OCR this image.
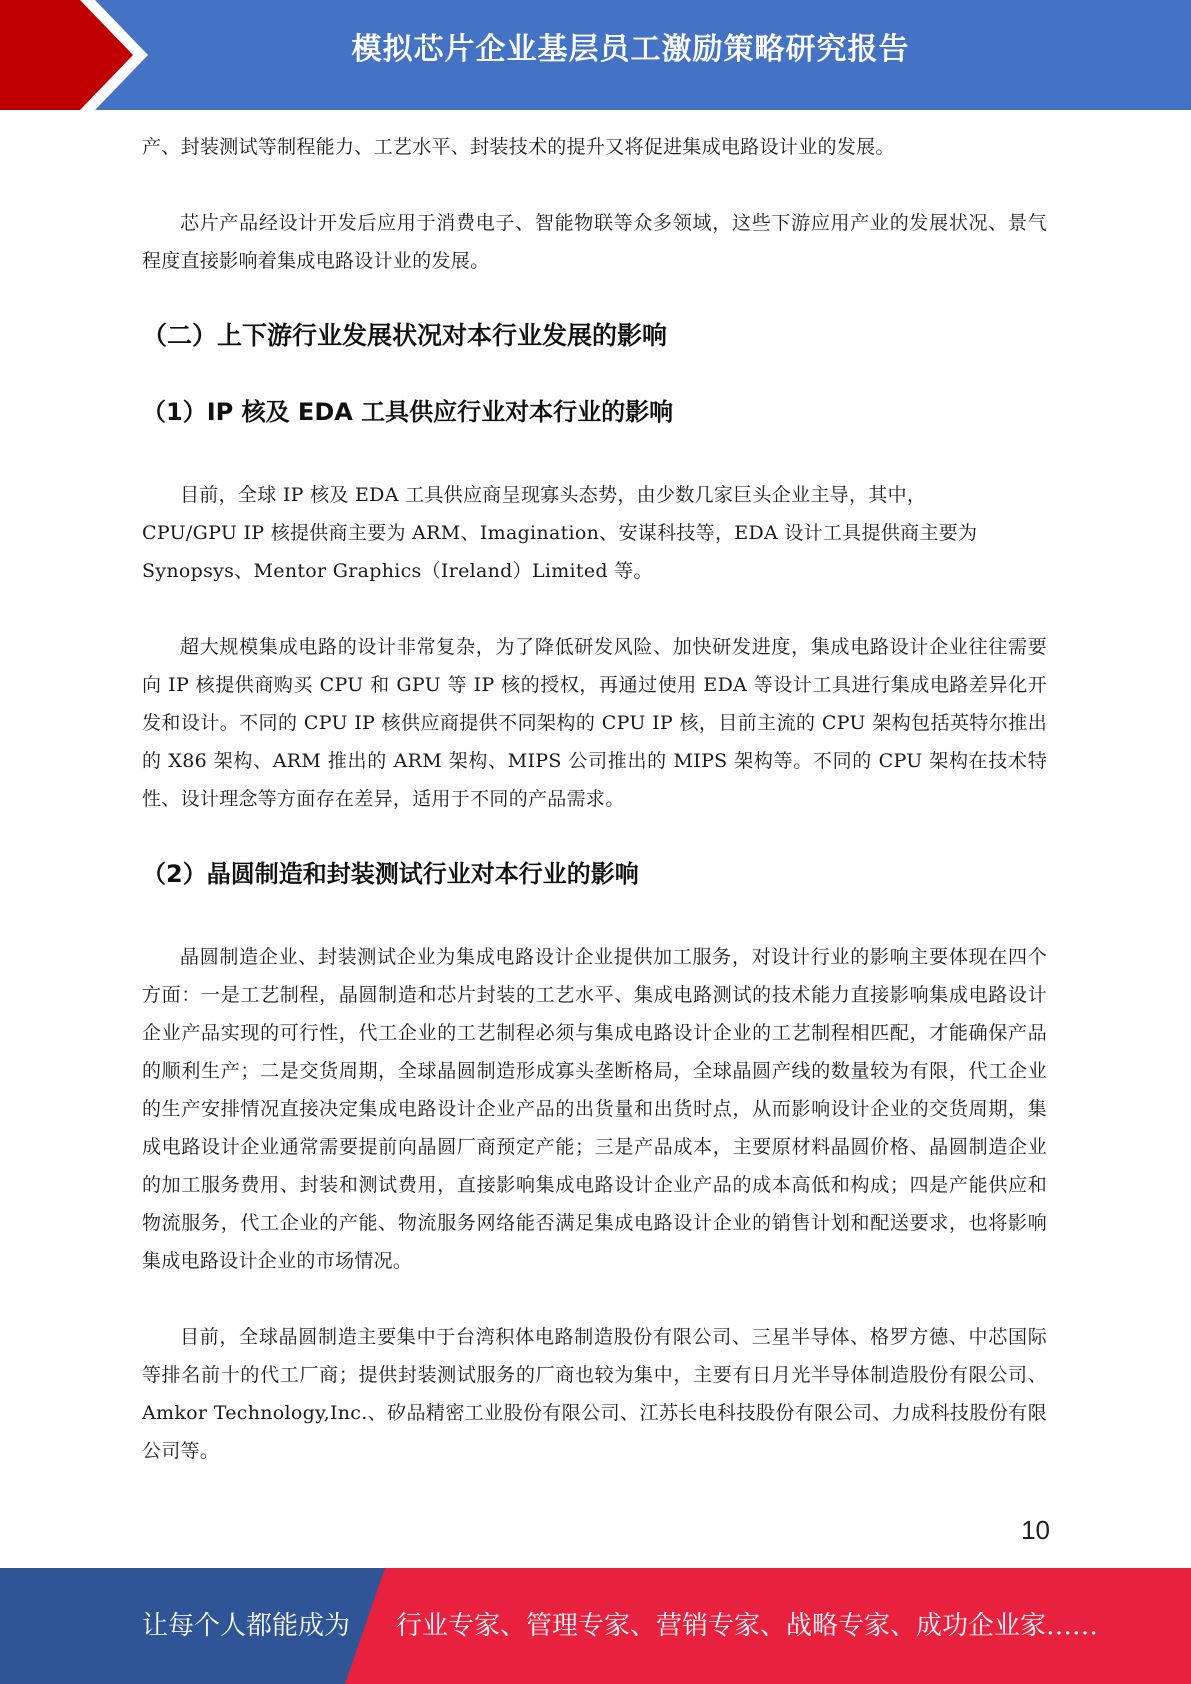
模拟芯片企业基层员工激励策略研究报告

产、封装测试等制程能力、工艺水平、封装技术的提升又将促进集成电路设计业的发展。

芯片产品经设计开发后应用于消费电子、智能物联等众多领域，这些下游应用产业的发展状况、景气程度直接影响着集成电路设计业的发展。

（二）上下游行业发展状况对本行业发展的影响
（1）IP 核及 EDA 工具供应行业对本行业的影响

目前，全球 IP 核及 EDA 工具供应商呈现寡头态势，由少数几家巨头企业主导，其中，

CPU/GPU IP 核提供商主要为 ARM、Imagination、安谋科技等，EDA 设计工具提供商主要为

Synopsys、Mentor Graphics（Ireland）Limited 等。

超大规模集成电路的设计非常复杂，为了降低研发风险、加快研发进度，集成电路设计企业往往需要向 IP 核提供商购买 CPU 和 GPU 等 IP 核的授权，再通过使用 EDA 等设计工具进行集成电路差异化开发和设计。不同的 CPU IP 核供应商提供不同架构的 CPU IP 核，目前主流的 CPU 架构包括英特尔推出的 X86 架构、ARM 推出的 ARM 架构、MIPS 公司推出的 MIPS 架构等。不同的 CPU 架构在技术特性、设计理念等方面存在差异，适用于不同的产品需求。

（2）晶圆制造和封装测试行业对本行业的影响

晶圆制造企业、封装测试企业为集成电路设计企业提供加工服务，对设计行业的影响主要体现在四个方面：一是工艺制程，晶圆制造和芯片封装的工艺水平、集成电路测试的技术能力直接影响集成电路设计企业产品实现的可行性，代工企业的工艺制程必须与集成电路设计企业的工艺制程相匹配，才能确保产品的顺利生产；二是交货周期，全球晶圆制造形成寡头垄断格局，全球晶圆产线的数量较为有限，代工企业的生产安排情况直接决定集成电路设计企业产品的出货量和出货时点，从而影响设计企业的交货周期，集成电路设计企业通常需要提前向晶圆厂商预定产能；三是产品成本，主要原材料晶圆价格、晶圆制造企业的加工服务费用、封装和测试费用，直接影响集成电路设计企业产品的成本高低和构成；四是产能供应和物流服务，代工企业的产能、物流服务网络能否满足集成电路设计企业的销售计划和配送要求，也将影响集成电路设计企业的市场情况。

目前，全球晶圆制造主要集中于台湾积体电路制造股份有限公司、三星半导体、格罗方德、中芯国际等排名前十的代工厂商；提供封装测试服务的厂商也较为集中，主要有日月光半导体制造股份有限公司、Amkor Technology,Inc.、矽品精密工业股份有限公司、江苏长电科技股份有限公司、力成科技股份有限公司等。

10
让每个人都能成为 行业专家、管理专家、营销专家、战略专家、成功企业家……
